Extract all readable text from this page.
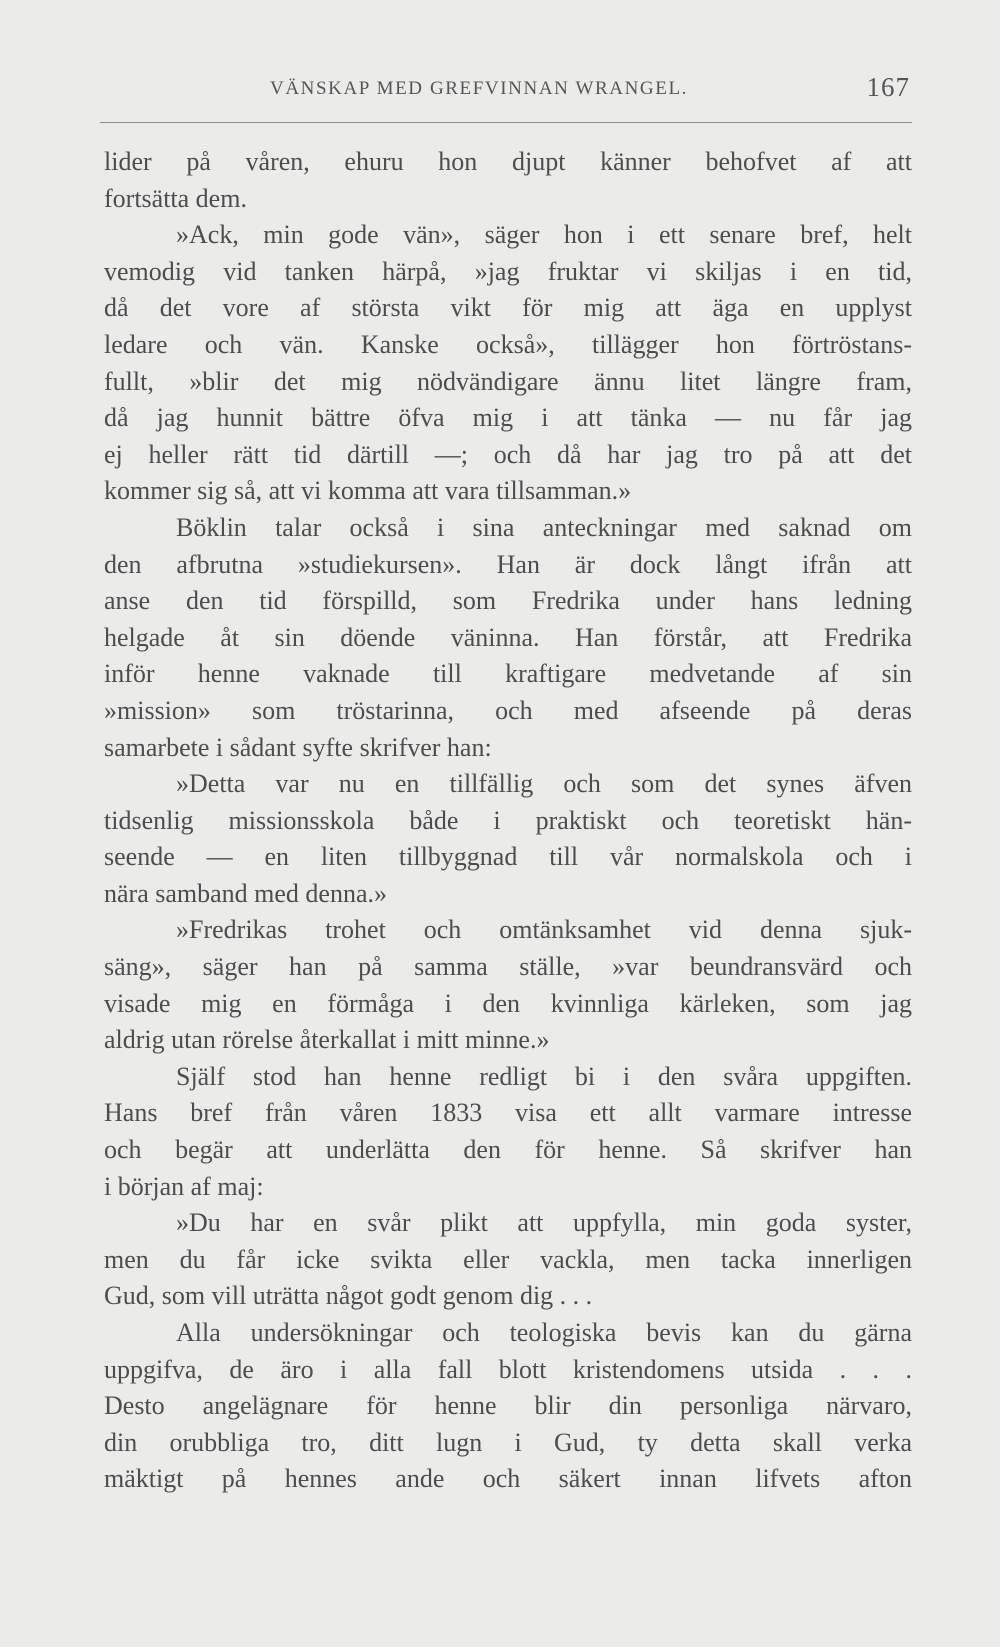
VÄNSKAP MED GREFVINNAN WRANGEL.	167
lider på våren, ehuru hon djupt känner behofvet af att
fortsätta dem.
»Ack, min gode vän», säger hon i ett senare bref, helt
vemodig vid tanken härpå, »jag fruktar vi skiljas i en tid,
då det vore af största vikt för mig att äga en upplyst
ledare och vän. Kanske också», tillägger hon förtröstans-
fullt, »blir det mig nödvändigare ännu litet längre fram,
då jag hunnit bättre öfva mig i att tänka — nu får jag
ej heller rätt tid därtill —; och då har jag tro på att det
kommer sig så, att vi komma att vara tillsamman.»
Böklin talar också i sina anteckningar med saknad om
den afbrutna »studiekursen». Han är dock långt ifrån att
anse den tid förspilld, som Fredrika under hans ledning
helgade åt sin döende väninna. Han förstår, att Fredrika
inför henne vaknade till kraftigare medvetande af sin
»mission» som tröstarinna, och med afseende på deras
samarbete i sådant syfte skrifver han:
»Detta var nu en tillfällig och som det synes äfven
tidsenlig missionsskola både i praktiskt och teoretiskt hän-
seende — en liten tillbyggnad till vår normalskola och i
nära samband med denna.»
»Fredrikas trohet och omtänksamhet vid denna sjuk-
säng», säger han på samma ställe, »var beundransvärd och
visade mig en förmåga i den kvinnliga kärleken, som jag
aldrig utan rörelse återkallat i mitt minne.»
Själf stod han henne redligt bi i den svåra uppgiften.
Hans bref från våren 1833 visa ett allt varmare intresse
och begär att underlätta den för henne. Så skrifver han
i början af maj:
»Du har en svår plikt att uppfylla, min goda syster,
men du får icke svikta eller vackla, men tacka innerligen
Gud, som vill uträtta något godt genom dig . . .
Alla undersökningar och teologiska bevis kan du gärna
uppgifva, de äro i alla fall blott kristendomens utsida . . .
Desto angelägnare för henne blir din personliga närvaro,
din orubbliga tro, ditt lugn i Gud, ty detta skall verka
mäktigt på hennes ande och säkert innan lifvets afton
